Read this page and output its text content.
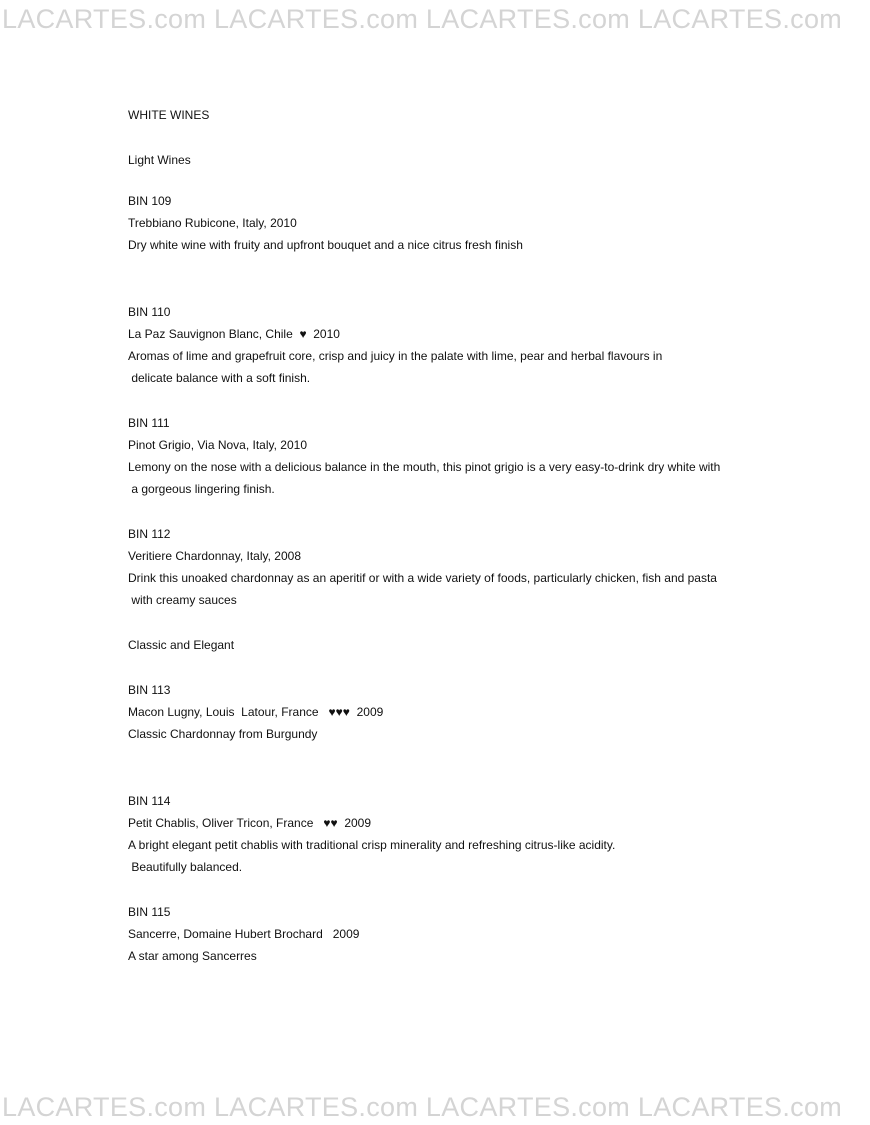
LACARTES.com LACARTES.com LACARTES.com LACARTES.com
WHITE WINES
Light Wines
BIN 109
Trebbiano Rubicone, Italy, 2010
Dry white wine with fruity and upfront bouquet and a nice citrus fresh finish
BIN 110
La Paz Sauvignon Blanc, Chile  ♥  2010
Aromas of lime and grapefruit core, crisp and juicy in the palate with lime, pear and herbal flavours in
delicate balance with a soft finish.
BIN 111
Pinot Grigio, Via Nova, Italy, 2010
Lemony on the nose with a delicious balance in the mouth, this pinot grigio is a very easy-to-drink dry white with
a gorgeous lingering finish.
BIN 112
Veritiere Chardonnay, Italy, 2008
Drink this unoaked chardonnay as an aperitif or with a wide variety of foods, particularly chicken, fish and pasta
with creamy sauces
Classic and Elegant
BIN 113
Macon Lugny, Louis  Latour, France   ♥♥♥  2009
Classic Chardonnay from Burgundy
BIN 114
Petit Chablis, Oliver Tricon, France   ♥♥  2009
A bright elegant petit chablis with traditional crisp minerality and refreshing citrus-like acidity.
Beautifully balanced.
BIN 115
Sancerre, Domaine Hubert Brochard   2009
A star among Sancerres
LACARTES.com LACARTES.com LACARTES.com LACARTES.com
